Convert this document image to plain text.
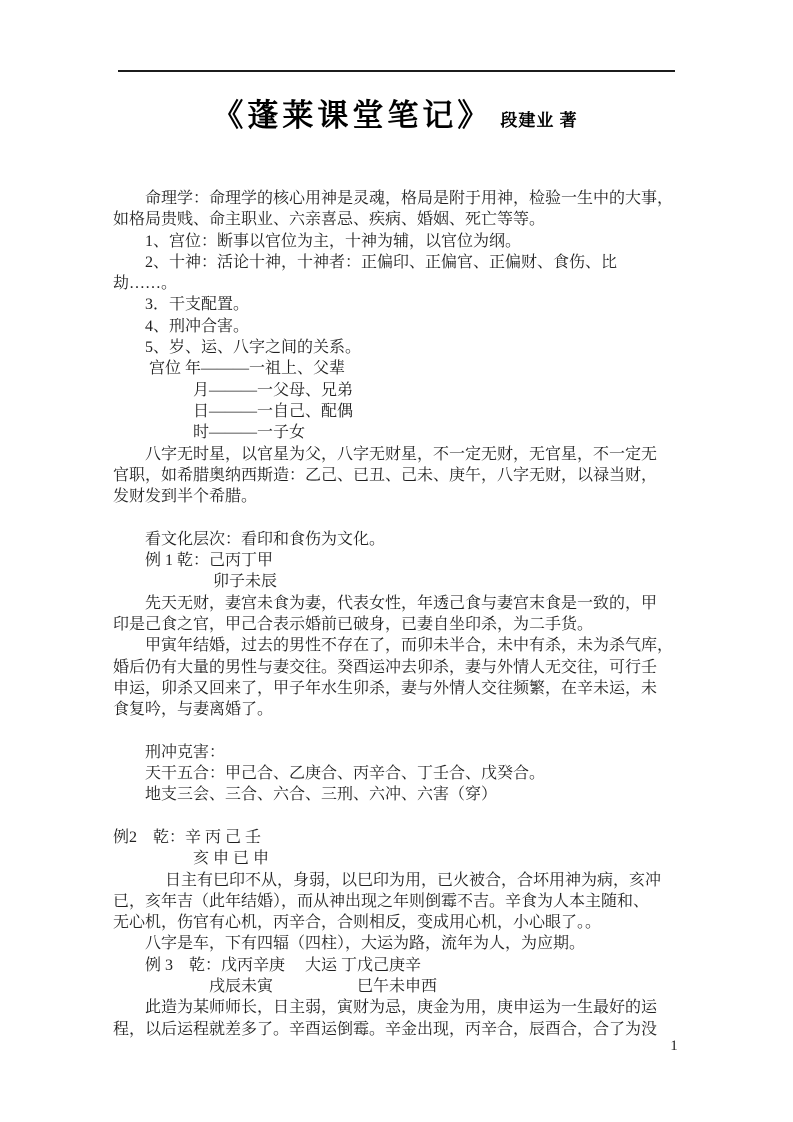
《蓬莱课堂笔记》 段建业 著
　　命理学：命理学的核心用神是灵魂，格局是附于用神，检验一生中的大事，
如格局贵贱、命主职业、六亲喜忌、疾病、婚姻、死亡等等。
　　1、宫位：断事以官位为主，十神为辅，以官位为纲。
　　2、十神：活论十神，十神者：正偏印、正偏官、正偏财、食伤、比
劫……。
　　3．干支配置。
　　4、刑冲合害。
　　5、岁、运、八字之间的关系。
　　 宫位 年———一祖上、父辈
　　　　　月———一父母、兄弟
　　　　　日———一自己、配偶
　　　　　时———一子女
　　八字无时星，以官星为父，八字无财星，不一定无财，无官星，不一定无
官职，如希腊奥纳西斯造：乙己、已丑、己未、庚午，八字无财，以禄当财，
发财发到半个希腊。

　　看文化层次：看印和食伤为文化。
　　例 1 乾：己丙丁甲
　　　　　　 卯子未辰
　　先天无财，妻宫未食为妻，代表女性，年透己食与妻宫末食是一致的，甲
印是己食之官，甲己合表示婚前已破身，已妻自坐印杀，为二手货。
　　甲寅年结婚，过去的男性不存在了，而卯未半合，未中有杀，未为杀气库，
婚后仍有大量的男性与妻交往。癸酉运冲去卯杀，妻与外情人无交往，可行壬
申运，卯杀又回来了，甲子年水生卯杀，妻与外情人交往频繁，在辛未运，未
食复吟，与妻离婚了。

　　刑冲克害：
　　天干五合：甲己合、乙庚合、丙辛合、丁壬合、戊癸合。
　　地支三会、三合、六合、三刑、六冲、六害（穿）

例2　乾：辛 丙 己 壬
　　　　　亥 申 已 申
　　　 日主有巳印不从，身弱，以巳印为用，已火被合，合坏用神为病，亥冲
已，亥年吉（此年结婚），而从神出现之年则倒霉不吉。辛食为人本主随和、
无心机，伤官有心机，丙辛合，合则相反，变成用心机，小心眼了。。
　　八字是车，下有四辐（四柱），大运为路，流年为人，为应期。
　　例 3　乾：戊丙辛庚　 大运 丁戊己庚辛
　　　　　　戌辰未寅　　　　　 巳午未申西
　　此造为某师师长，日主弱，寅财为忌，庚金为用，庚申运为一生最好的运
程，以后运程就差多了。辛酉运倒霉。辛金出现，丙辛合，辰酉合，合了为没
1
